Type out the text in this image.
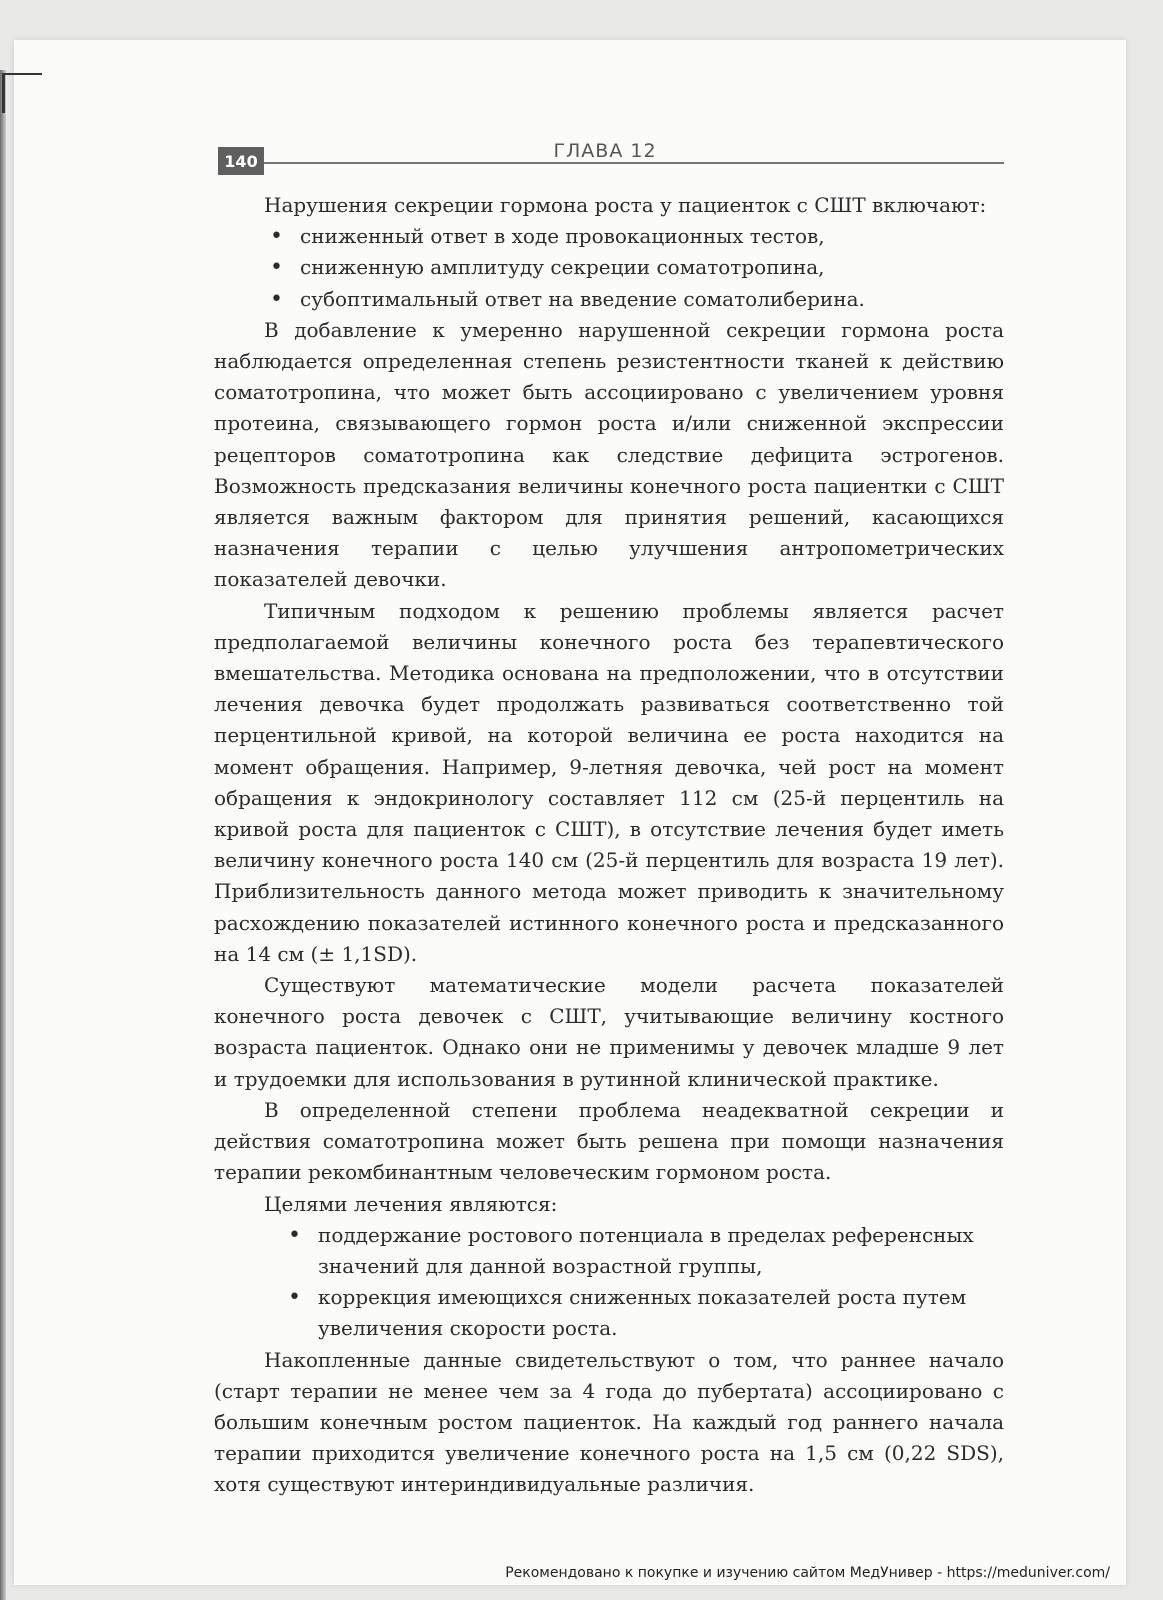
140	ГЛАВА 12

Нарушения секреции гормона роста у пациенток с СШТ включают:

• сниженный ответ в ходе провокационных тестов,
• сниженную амплитуду секреции соматотропина,
• субоптимальный ответ на введение соматолиберина.

В добавление к умеренно нарушенной секреции гормона роста наблюдается определенная степень резистентности тканей к действию соматотропина, что может быть ассоциировано с увеличением уровня протеина, связывающего гормон роста и/или сниженной экспрессии рецепторов соматотропина как следствие дефицита эстрогенов. Возможность предсказания величины конечного роста пациентки с СШТ является важным фактором для принятия решений, касающихся назначения терапии с целью улучшения антропометрических показателей девочки.

Типичным подходом к решению проблемы является расчет предполагаемой величины конечного роста без терапевтического вмешательства. Методика основана на предположении, что в отсутствии лечения девочка будет продолжать развиваться соответственно той перцентильной кривой, на которой величина ее роста находится на момент обращения. Например, 9-летняя девочка, чей рост на момент обращения к эндокринологу составляет 112 см (25-й перцентиль на кривой роста для пациенток с СШТ), в отсутствие лечения будет иметь величину конечного роста 140 см (25-й перцентиль для возраста 19 лет). Приблизительность данного метода может приводить к значительному расхождению показателей истинного конечного роста и предсказанного на 14 см (± 1,1SD).

Существуют математические модели расчета показателей конечного роста девочек с СШТ, учитывающие величину костного возраста пациенток. Однако они не применимы у девочек младше 9 лет и трудоемки для использования в рутинной клинической практике.

В определенной степени проблема неадекватной секреции и действия соматотропина может быть решена при помощи назначения терапии рекомбинантным человеческим гормоном роста.

Целями лечения являются:

• поддержание ростового потенциала в пределах референсных значений для данной возрастной группы,
• коррекция имеющихся сниженных показателей роста путем увеличения скорости роста.

Накопленные данные свидетельствуют о том, что раннее начало (старт терапии не менее чем за 4 года до пубертата) ассоциировано с большим конечным ростом пациенток. На каждый год раннего начала терапии приходится увеличение конечного роста на 1,5 см (0,22 SDS), хотя существуют интериндивидуальные различия.

Рекомендовано к покупке и изучению сайтом МедУнивер - https://meduniver.com/
